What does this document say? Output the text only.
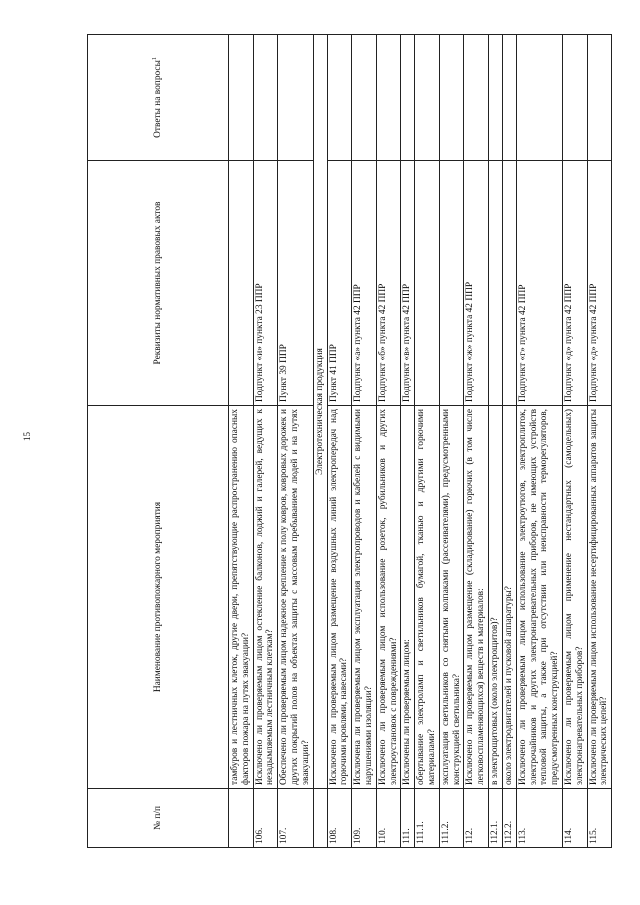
15
№ п/п	Наименование противопожарного мероприятия	Реквизиты нормативных правовых актов	Ответы на вопросы$^1$
	тамбуров и лестничных клеток, другие двери, препятствующие распространению опасных факторов пожара на путях эвакуации?		
106.	Исключено ли проверяемым лицом остекление балконов, лоджий и галерей, ведущих к незадымляемым лестничным клеткам?	Подпункт «и» пункта 23 ППР	
107.	Обеспечено ли проверяемым лицом надежное крепление к полу ковров, ковровых дорожек и других покрытий полов на объектах защиты с массовым пребыванием людей и на путях эвакуации?	Пункт 39 ППР	
	Электротехническая продукция		
108.	Исключено ли проверяемым лицом размещение воздушных линий электропередач над горючими кровлями, навесами?	Пункт 41 ППР	
109.	Исключена ли проверяемым лицом эксплуатация электропроводов и кабелей с видимыми нарушениями изоляции?	Подпункт «а» пункта 42 ППР	
110.	Исключено ли проверяемым лицом использование розеток, рубильников и других электроустановок с повреждениями?	Подпункт «б» пункта 42 ППР	
111.	Исключены ли проверяемым лицом:	Подпункт «в» пункта 42 ППР	
111.1.	обертывание электроламп и светильников бумагой, тканью и другими горючими материалами?		
111.2.	эксплуатация светильников со снятыми колпаками (рассеивателями), предусмотренными конструкцией светильника?		
112.	Исключено ли проверяемым лицом размещение (складирование) горючих (в том числе легковоспламеняющихся) веществ и материалов:	Подпункт «ж» пункта 42 ППР	
112.1.	в электрощитовых (около электрощитов)?		
112.2.	около электродвигателей и пусковой аппаратуры?		
113.	Исключено ли проверяемым лицом использование электроутюгов, электроплиток, электрочайников и других электронагревательных приборов, не имеющих устройств тепловой защиты, а также при отсутствии или неисправности терморегуляторов, предусмотренных конструкцией?	Подпункт «г» пункта 42 ППР	
114.	Исключено ли проверяемым лицом применение нестандартных (самодельных) электронагревательных приборов?	Подпункт «д» пункта 42 ППР	
115.	Исключено ли проверяемым лицом использование несертифицированных аппаратов защиты электрических цепей?	Подпункт «д» пункта 42 ППР	
